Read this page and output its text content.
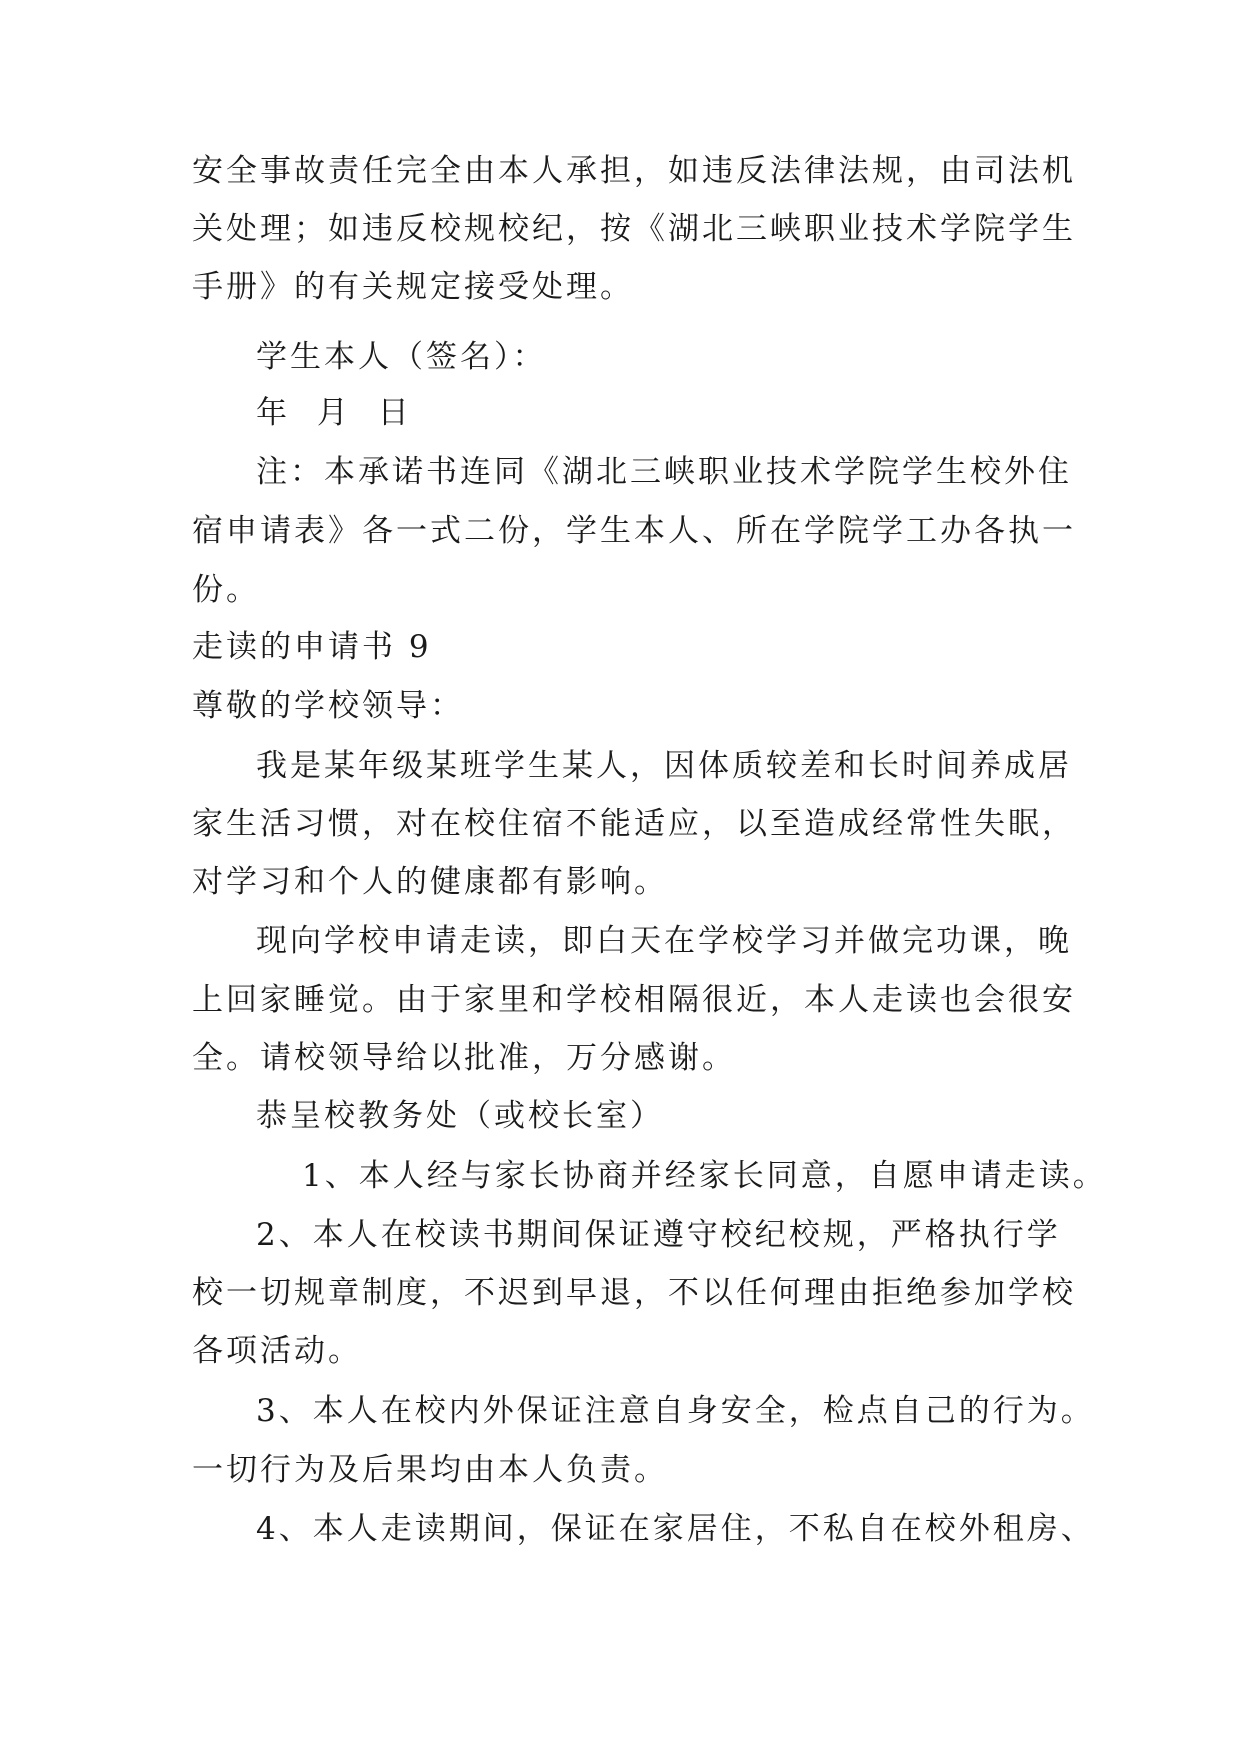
安全事故责任完全由本人承担，如违反法律法规，由司法机
关处理；如违反校规校纪，按《湖北三峡职业技术学院学生
手册》的有关规定接受处理。
学生本人（签名）：
年 月 日
注：本承诺书连同《湖北三峡职业技术学院学生校外住
宿申请表》各一式二份，学生本人、所在学院学工办各执一
份。
走读的申请书 9
尊敬的学校领导：
我是某年级某班学生某人，因体质较差和长时间养成居
家生活习惯，对在校住宿不能适应，以至造成经常性失眠，
对学习和个人的健康都有影响。
现向学校申请走读，即白天在学校学习并做完功课，晚
上回家睡觉。由于家里和学校相隔很近，本人走读也会很安
全。请校领导给以批准，万分感谢。
恭呈校教务处（或校长室）
1、本人经与家长协商并经家长同意，自愿申请走读。
2、本人在校读书期间保证遵守校纪校规，严格执行学
校一切规章制度，不迟到早退，不以任何理由拒绝参加学校
各项活动。
3、本人在校内外保证注意自身安全，检点自己的行为。
一切行为及后果均由本人负责。
4、本人走读期间，保证在家居住，不私自在校外租房、
